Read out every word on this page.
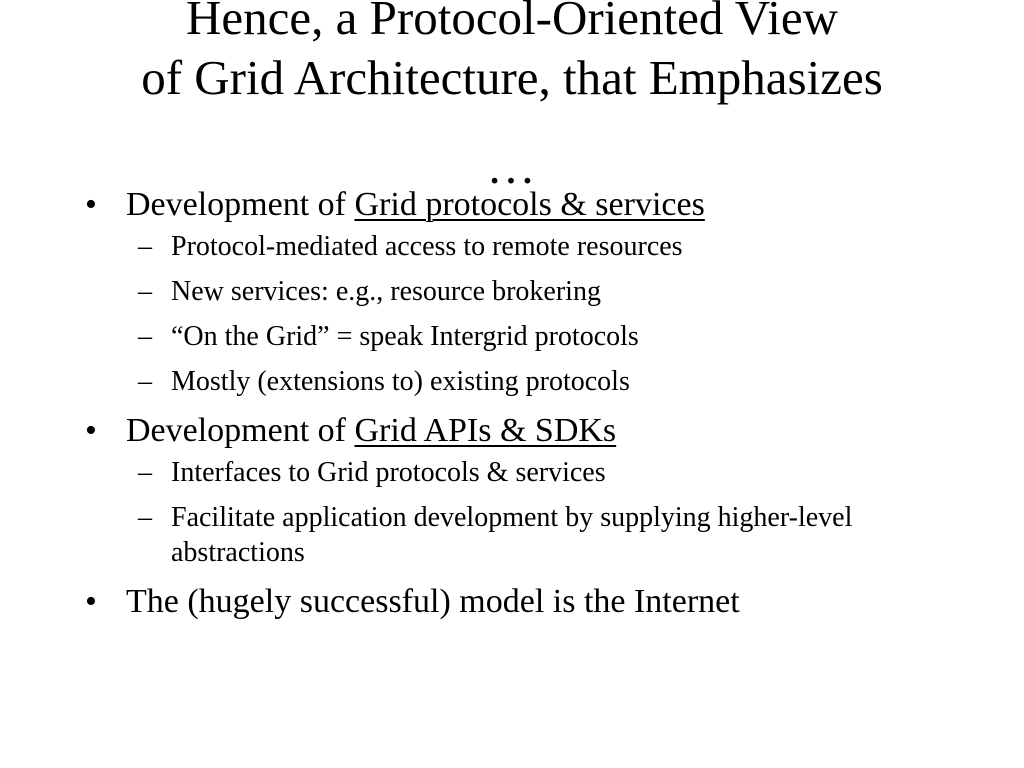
Hence, a Protocol-Oriented View
of Grid Architecture, that Emphasizes
…
• Development of Grid protocols & services
– Protocol-mediated access to remote resources
– New services: e.g., resource brokering
– “On the Grid” = speak Intergrid protocols
– Mostly (extensions to) existing protocols
• Development of Grid APIs & SDKs
– Interfaces to Grid protocols & services
– Facilitate application development by supplying higher-level abstractions
• The (hugely successful) model is the Internet
